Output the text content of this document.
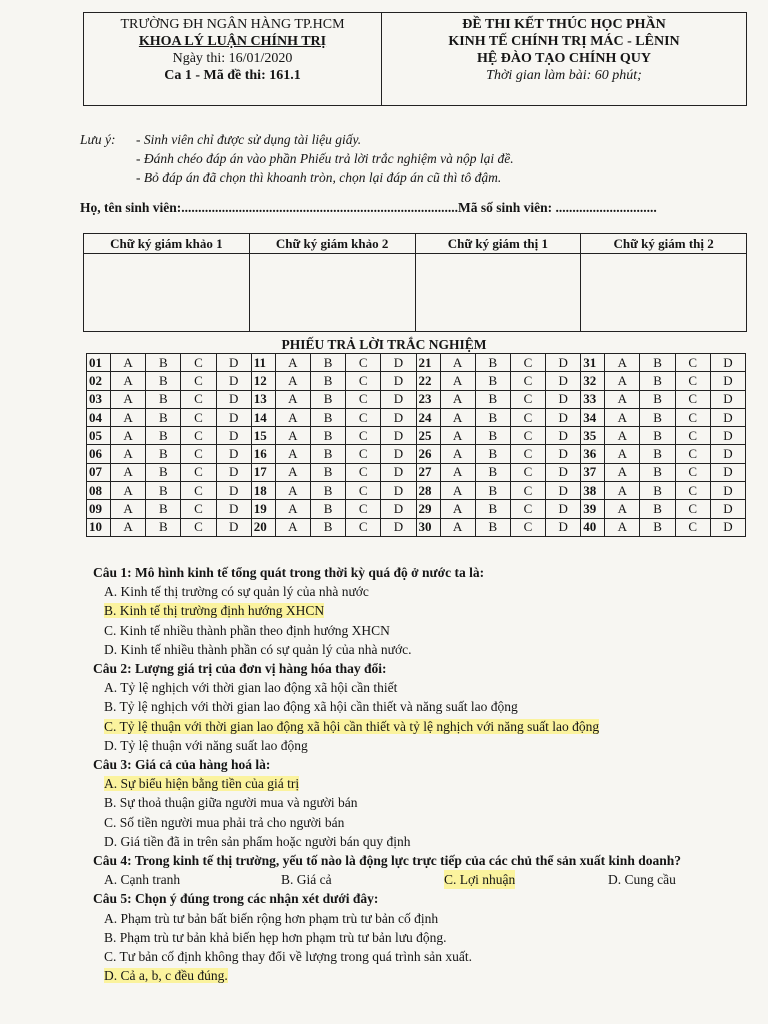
TRƯỜNG ĐH NGÂN HÀNG TP.HCM
KHOA LÝ LUẬN CHÍNH TRỊ
Ngày thi: 16/01/2020
Ca 1 - Mã đề thi: 161.1
ĐỀ THI KẾT THÚC HỌC PHẦN
KINH TẾ CHÍNH TRỊ MÁC - LÊNIN
HỆ ĐÀO TẠO CHÍNH QUY
Thời gian làm bài: 60 phút;
Lưu ý:	- Sinh viên chỉ được sử dụng tài liệu giấy.
- Đánh chéo đáp án vào phần Phiếu trả lời trắc nghiệm và nộp lại đề.
- Bỏ đáp án đã chọn thì khoanh tròn, chọn lại đáp án cũ thì tô đậm.
Họ, tên sinh viên:..................................................................................Mã số sinh viên: ..............................
Chữ ký giám khảo 1	Chữ ký giám khảo 2	Chữ ký giám thị 1	Chữ ký giám thị 2

PHIẾU TRẢ LỜI TRẮC NGHIỆM
01	A	B	C	D	11	A	B	C	D	21	A	B	C	D	31	A	B	C	D
02	A	B	C	D	12	A	B	C	D	22	A	B	C	D	32	A	B	C	D
03	A	B	C	D	13	A	B	C	D	23	A	B	C	D	33	A	B	C	D
04	A	B	C	D	14	A	B	C	D	24	A	B	C	D	34	A	B	C	D
05	A	B	C	D	15	A	B	C	D	25	A	B	C	D	35	A	B	C	D
06	A	B	C	D	16	A	B	C	D	26	A	B	C	D	36	A	B	C	D
07	A	B	C	D	17	A	B	C	D	27	A	B	C	D	37	A	B	C	D
08	A	B	C	D	18	A	B	C	D	28	A	B	C	D	38	A	B	C	D
09	A	B	C	D	19	A	B	C	D	29	A	B	C	D	39	A	B	C	D
10	A	B	C	D	20	A	B	C	D	30	A	B	C	D	40	A	B	C	D
Câu 1: Mô hình kinh tế tổng quát trong thời kỳ quá độ ở nước ta là:
A. Kinh tế thị trường có sự quản lý của nhà nước
B. Kinh tế thị trường định hướng XHCN
C. Kinh tế nhiều thành phần theo định hướng XHCN
D. Kinh tế nhiều thành phần có sự quản lý của nhà nước.
Câu 2: Lượng giá trị của đơn vị hàng hóa thay đổi:
A. Tỷ lệ nghịch với thời gian lao động xã hội cần thiết
B. Tỷ lệ nghịch với thời gian lao động xã hội cần thiết và năng suất lao động
C. Tỷ lệ thuận với thời gian lao động xã hội cần thiết và tỷ lệ nghịch với năng suất lao động
D. Tỷ lệ thuận với năng suất lao động
Câu 3: Giá cả của hàng hoá là:
A. Sự biểu hiện bằng tiền của giá trị
B. Sự thoả thuận giữa người mua và người bán
C. Số tiền người mua phải trả cho người bán
D. Giá tiền đã in trên sản phẩm hoặc người bán quy định
Câu 4: Trong kinh tế thị trường, yếu tố nào là động lực trực tiếp của các chủ thể sản xuất kinh doanh?
A. Cạnh tranh	B. Giá cả	C. Lợi nhuận	D. Cung cầu
Câu 5: Chọn ý đúng trong các nhận xét dưới đây:
A. Phạm trù tư bản bất biến rộng hơn phạm trù tư bản cố định
B. Phạm trù tư bản khả biến hẹp hơn phạm trù tư bản lưu động.
C. Tư bản cố định không thay đổi về lượng trong quá trình sản xuất.
D. Cả a, b, c đều đúng.
